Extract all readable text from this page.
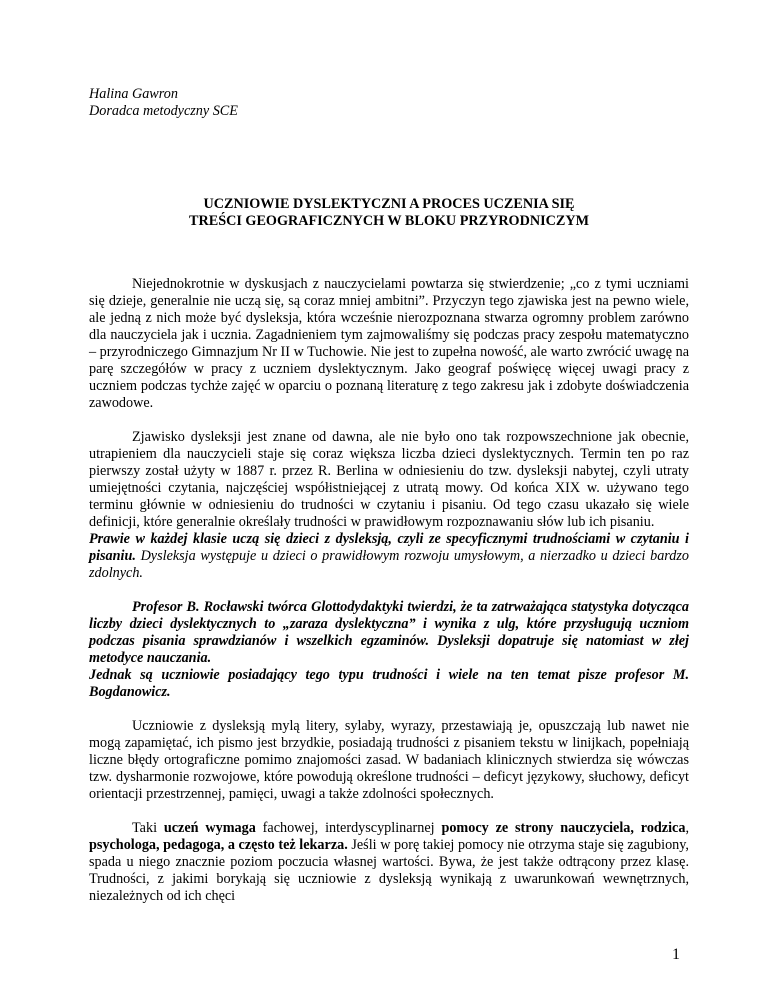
Halina Gawron

Doradca metodyczny SCE

UCZNIOWIE DYSLEKTYCZNI A PROCES UCZENIA SIĘ
TREŚCI GEOGRAFICZNYCH W BLOKU PRZYRODNICZYM

Niejednokrotnie w dyskusjach z nauczycielami powtarza się stwierdzenie; „co z tymi uczniami się dzieje, generalnie nie uczą się, są coraz mniej ambitni”. Przyczyn tego zjawiska jest na pewno wiele, ale jedną z nich może być dysleksja, która wcześnie nierozpoznana stwarza ogromny problem zarówno dla nauczyciela jak i ucznia. Zagadnieniem tym zajmowaliśmy się podczas pracy zespołu matematyczno – przyrodniczego Gimnazjum Nr II w Tuchowie. Nie jest to zupełna nowość, ale warto zwrócić uwagę na parę szczegółów w pracy z uczniem dyslektycznym. Jako geograf poświęcę więcej uwagi pracy z uczniem podczas tychże zajęć w oparciu o poznaną literaturę z tego zakresu jak i zdobyte doświadczenia zawodowe.

Zjawisko dysleksji jest znane od dawna, ale nie było ono tak rozpowszechnione jak obecnie, utrapieniem dla nauczycieli staje się coraz większa liczba dzieci dyslektycznych. Termin ten po raz pierwszy został użyty w 1887 r. przez R. Berlina w odniesieniu do tzw. dysleksji nabytej, czyli utraty umiejętności czytania, najczęściej współistniejącej z utratą mowy. Od końca XIX w. używano tego terminu głównie w odniesieniu do trudności w czytaniu i pisaniu. Od tego czasu ukazało się wiele definicji, które generalnie określały trudności w prawidłowym rozpoznawaniu słów lub ich pisaniu.

Prawie w każdej klasie uczą się dzieci z dysleksją, czyli ze specyficznymi trudnościami w czytaniu i pisaniu. Dysleksja występuje u dzieci o prawidłowym rozwoju umysłowym, a nierzadko u dzieci bardzo zdolnych.

Profesor B. Rocławski twórca Glottodydaktyki twierdzi, że ta zatrważająca statystyka dotycząca liczby dzieci dyslektycznych to „zaraza dyslektyczna” i wynika z ulg, które przysługują uczniom podczas pisania sprawdzianów i wszelkich egzaminów. Dysleksji dopatruje się natomiast w złej metodyce nauczania.

Jednak są uczniowie posiadający tego typu trudności i wiele na ten temat pisze profesor M. Bogdanowicz.

Uczniowie z dysleksją mylą litery, sylaby, wyrazy, przestawiają je, opuszczają lub nawet nie mogą zapamiętać, ich pismo jest brzydkie, posiadają trudności z pisaniem tekstu w linijkach, popełniają liczne błędy ortograficzne pomimo znajomości zasad. W badaniach klinicznych stwierdza się wówczas tzw. dysharmonie rozwojowe, które powodują określone trudności – deficyt językowy, słuchowy, deficyt orientacji przestrzennej, pamięci, uwagi a także zdolności społecznych.

Taki uczeń wymaga fachowej, interdyscyplinarnej pomocy ze strony nauczyciela, rodzica, psychologa, pedagoga, a często też lekarza. Jeśli w porę takiej pomocy nie otrzyma staje się zagubiony, spada u niego znacznie poziom poczucia własnej wartości. Bywa, że jest także odtrącony przez klasę. Trudności, z jakimi borykają się uczniowie z dysleksją wynikają z uwarunkowań wewnętrznych, niezależnych od ich chęci

1
